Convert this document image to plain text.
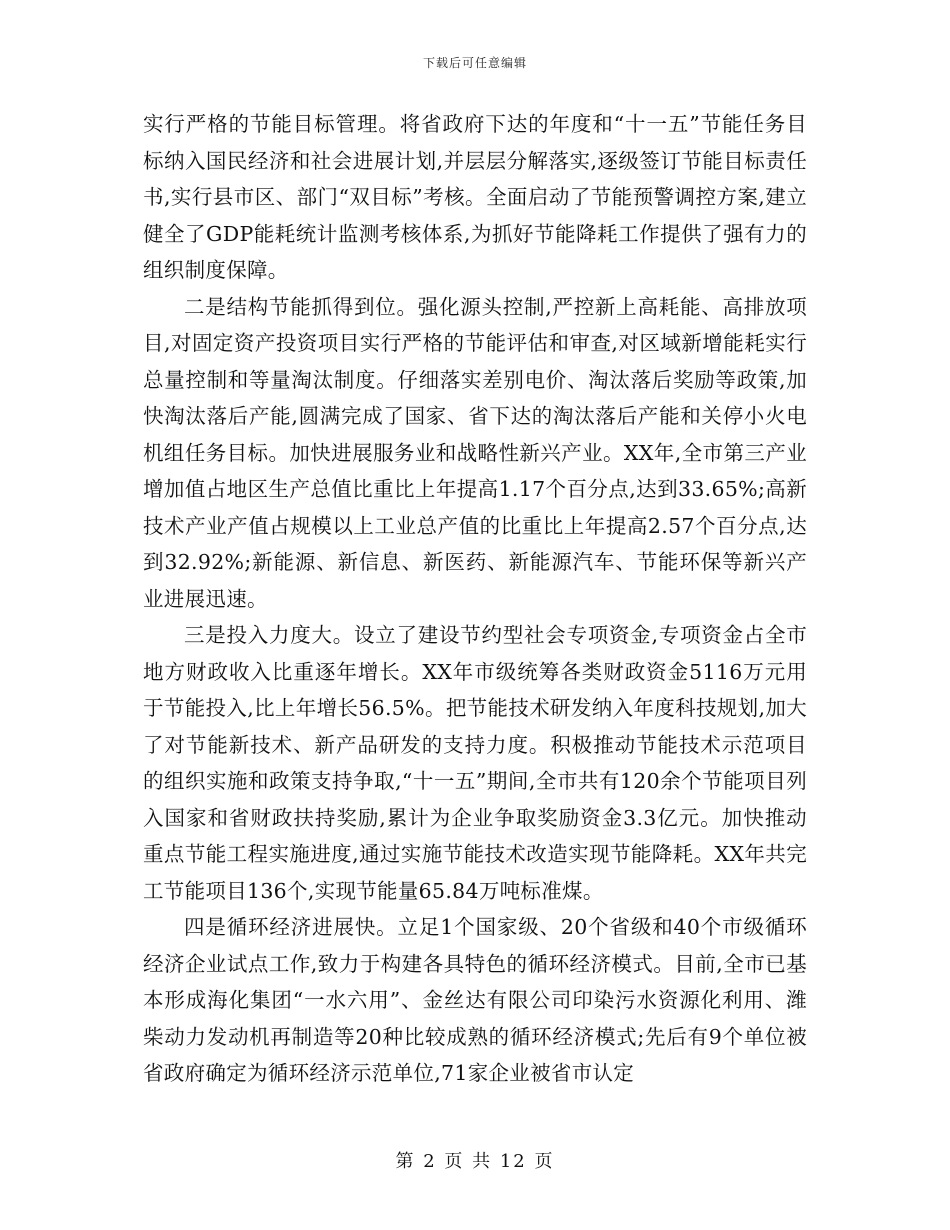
下载后可任意编辑

实行严格的节能目标管理。将省政府下达的年度和“十一五”节能任务目标纳入国民经济和社会进展计划,并层层分解落实,逐级签订节能目标责任书,实行县市区、部门“双目标”考核。全面启动了节能预警调控方案,建立健全了GDP能耗统计监测考核体系,为抓好节能降耗工作提供了强有力的组织制度保障。

二是结构节能抓得到位。强化源头控制,严控新上高耗能、高排放项目,对固定资产投资项目实行严格的节能评估和审查,对区域新增能耗实行总量控制和等量淘汰制度。仔细落实差别电价、淘汰落后奖励等政策,加快淘汰落后产能,圆满完成了国家、省下达的淘汰落后产能和关停小火电机组任务目标。加快进展服务业和战略性新兴产业。XX年,全市第三产业增加值占地区生产总值比重比上年提高1.17个百分点,达到33.65%;高新技术产业产值占规模以上工业总产值的比重比上年提高2.57个百分点,达到32.92%;新能源、新信息、新医药、新能源汽车、节能环保等新兴产业进展迅速。

三是投入力度大。设立了建设节约型社会专项资金,专项资金占全市地方财政收入比重逐年增长。XX年市级统筹各类财政资金5116万元用于节能投入,比上年增长56.5%。把节能技术研发纳入年度科技规划,加大了对节能新技术、新产品研发的支持力度。积极推动节能技术示范项目的组织实施和政策支持争取,“十一五”期间,全市共有120余个节能项目列入国家和省财政扶持奖励,累计为企业争取奖励资金3.3亿元。加快推动重点节能工程实施进度,通过实施节能技术改造实现节能降耗。XX年共完工节能项目136个,实现节能量65.84万吨标准煤。

四是循环经济进展快。立足1个国家级、20个省级和40个市级循环经济企业试点工作,致力于构建各具特色的循环经济模式。目前,全市已基本形成海化集团“一水六用”、金丝达有限公司印染污水资源化利用、潍柴动力发动机再制造等20种比较成熟的循环经济模式;先后有9个单位被省政府确定为循环经济示范单位,71家企业被省市认定

第 2 页 共 12 页
